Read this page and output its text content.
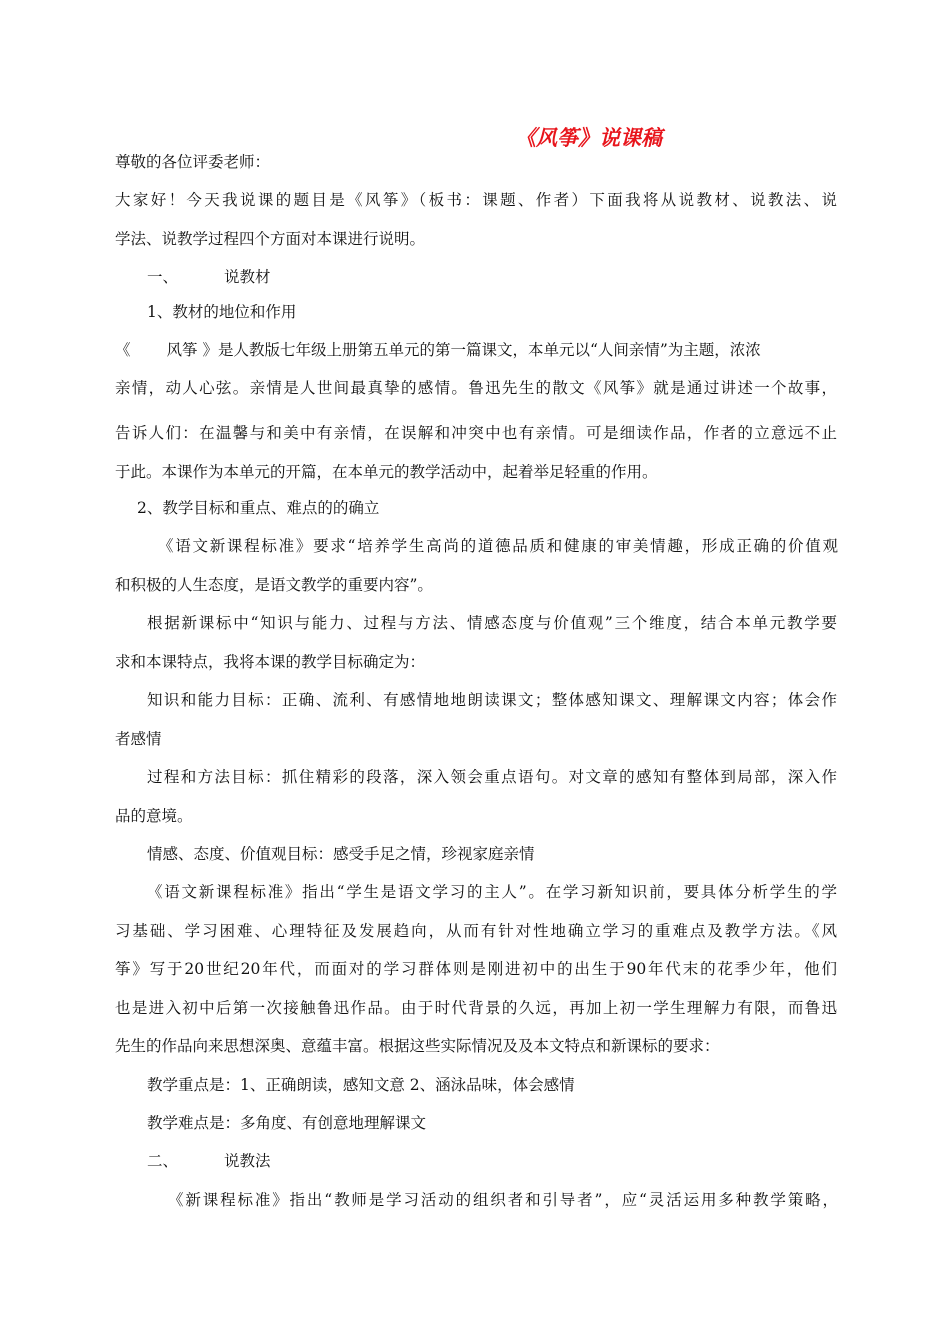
《风筝》说课稿
尊敬的各位评委老师：
大家好！今天我说课的题目是《风筝》（板书：课题、作者）下面我将从说教材、说教法、说
学法、说教学过程四个方面对本课进行说明。
一、	说教材
1、教材的地位和作用
《 风筝 》是人教版七年级上册第五单元的第一篇课文，本单元以“人间亲情”为主题，浓浓
亲情，动人心弦。亲情是人世间最真挚的感情。鲁迅先生的散文《风筝》就是通过讲述一个故事，
告诉人们：在温馨与和美中有亲情，在误解和冲突中也有亲情。可是细读作品，作者的立意远不止
于此。本课作为本单元的开篇，在本单元的教学活动中，起着举足轻重的作用。
2、教学目标和重点、难点的的确立
《语文新课程标准》要求“培养学生高尚的道德品质和健康的审美情趣，形成正确的价值观
和积极的人生态度，是语文教学的重要内容”。
根据新课标中“知识与能力、过程与方法、情感态度与价值观”三个维度，结合本单元教学要
求和本课特点，我将本课的教学目标确定为：
知识和能力目标：正确、流利、有感情地地朗读课文；整体感知课文、理解课文内容；体会作
者感情
过程和方法目标：抓住精彩的段落，深入领会重点语句。对文章的感知有整体到局部，深入作
品的意境。
情感、态度、价值观目标：感受手足之情，珍视家庭亲情
《语文新课程标准》指出“学生是语文学习的主人”。在学习新知识前，要具体分析学生的学
习基础、学习困难、心理特征及发展趋向，从而有针对性地确立学习的重难点及教学方法。《风
筝》写于20世纪20年代，而面对的学习群体则是刚进初中的出生于90年代末的花季少年，他们
也是进入初中后第一次接触鲁迅作品。由于时代背景的久远，再加上初一学生理解力有限，而鲁迅
先生的作品向来思想深奥、意蕴丰富。根据这些实际情况及及本文特点和新课标的要求：
教学重点是：1、正确朗读，感知文意 2、涵泳品味，体会感情
教学难点是：多角度、有创意地理解课文
二、	说教法
《新课程标准》指出“教师是学习活动的组织者和引导者”，应“灵活运用多种教学策略，
